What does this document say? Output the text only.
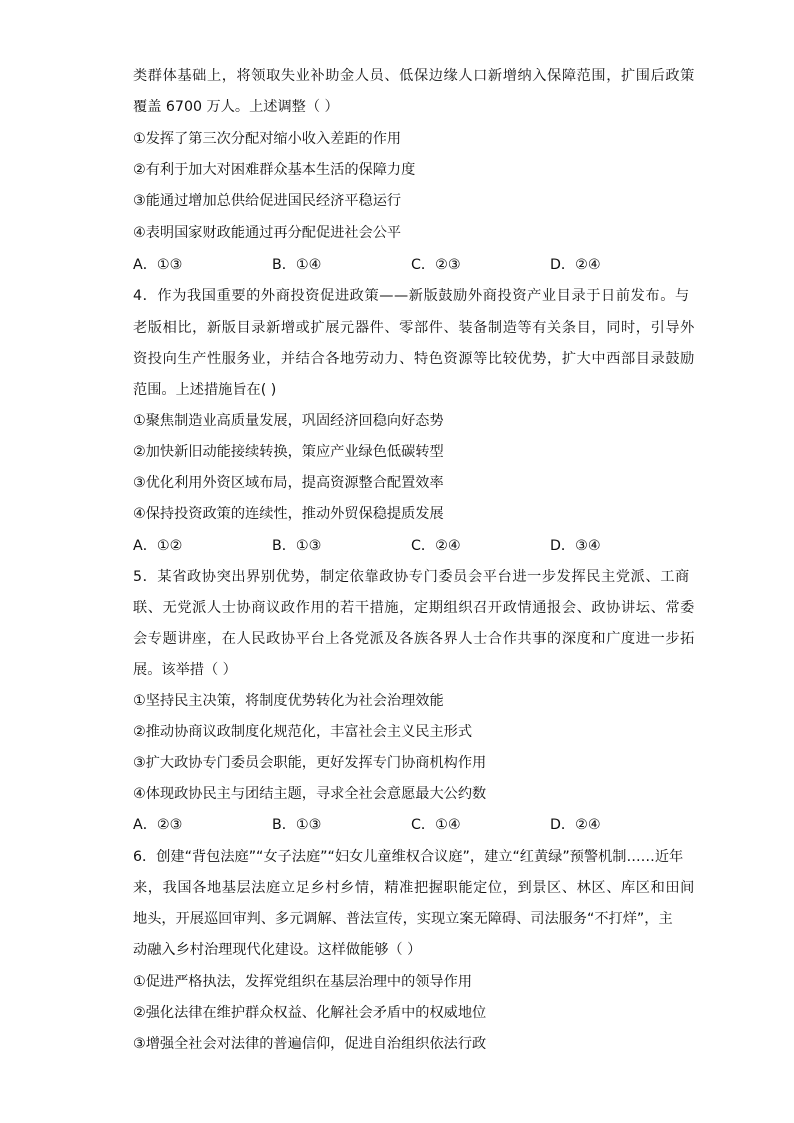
类群体基础上，将领取失业补助金人员、低保边缘人口新增纳入保障范围，扩围后政策
覆盖 6700 万人。上述调整（ ）
①发挥了第三次分配对缩小收入差距的作用
②有利于加大对困难群众基本生活的保障力度
③能通过增加总供给促进国民经济平稳运行
④表明国家财政能通过再分配促进社会公平
A．①③	B．①④	C．②③	D．②④
4．作为我国重要的外商投资促进政策——新版鼓励外商投资产业目录于日前发布。与
老版相比，新版目录新增或扩展元器件、零部件、装备制造等有关条目，同时，引导外
资投向生产性服务业，并结合各地劳动力、特色资源等比较优势，扩大中西部目录鼓励
范围。上述措施旨在( )
①聚焦制造业高质量发展，巩固经济回稳向好态势
②加快新旧动能接续转换，策应产业绿色低碳转型
③优化利用外资区域布局，提高资源整合配置效率
④保持投资政策的连续性，推动外贸保稳提质发展
A．①②	B．①③	C．②④	D．③④
5．某省政协突出界别优势，制定依靠政协专门委员会平台进一步发挥民主党派、工商
联、无党派人士协商议政作用的若干措施，定期组织召开政情通报会、政协讲坛、常委
会专题讲座，在人民政协平台上各党派及各族各界人士合作共事的深度和广度进一步拓
展。该举措（ ）
①坚持民主决策，将制度优势转化为社会治理效能
②推动协商议政制度化规范化，丰富社会主义民主形式
③扩大政协专门委员会职能，更好发挥专门协商机构作用
④体现政协民主与团结主题，寻求全社会意愿最大公约数
A．②③	B．①③	C．①④	D．②④
6．创建“背包法庭”“女子法庭”“妇女儿童维权合议庭”，建立“红黄绿”预警机制……近年
来，我国各地基层法庭立足乡村乡情，精准把握职能定位，到景区、林区、库区和田间
地头，开展巡回审判、多元调解、普法宣传，实现立案无障碍、司法服务“不打烊”，主
动融入乡村治理现代化建设。这样做能够（ ）
①促进严格执法，发挥党组织在基层治理中的领导作用
②强化法律在维护群众权益、化解社会矛盾中的权威地位
③增强全社会对法律的普遍信仰，促进自治组织依法行政
